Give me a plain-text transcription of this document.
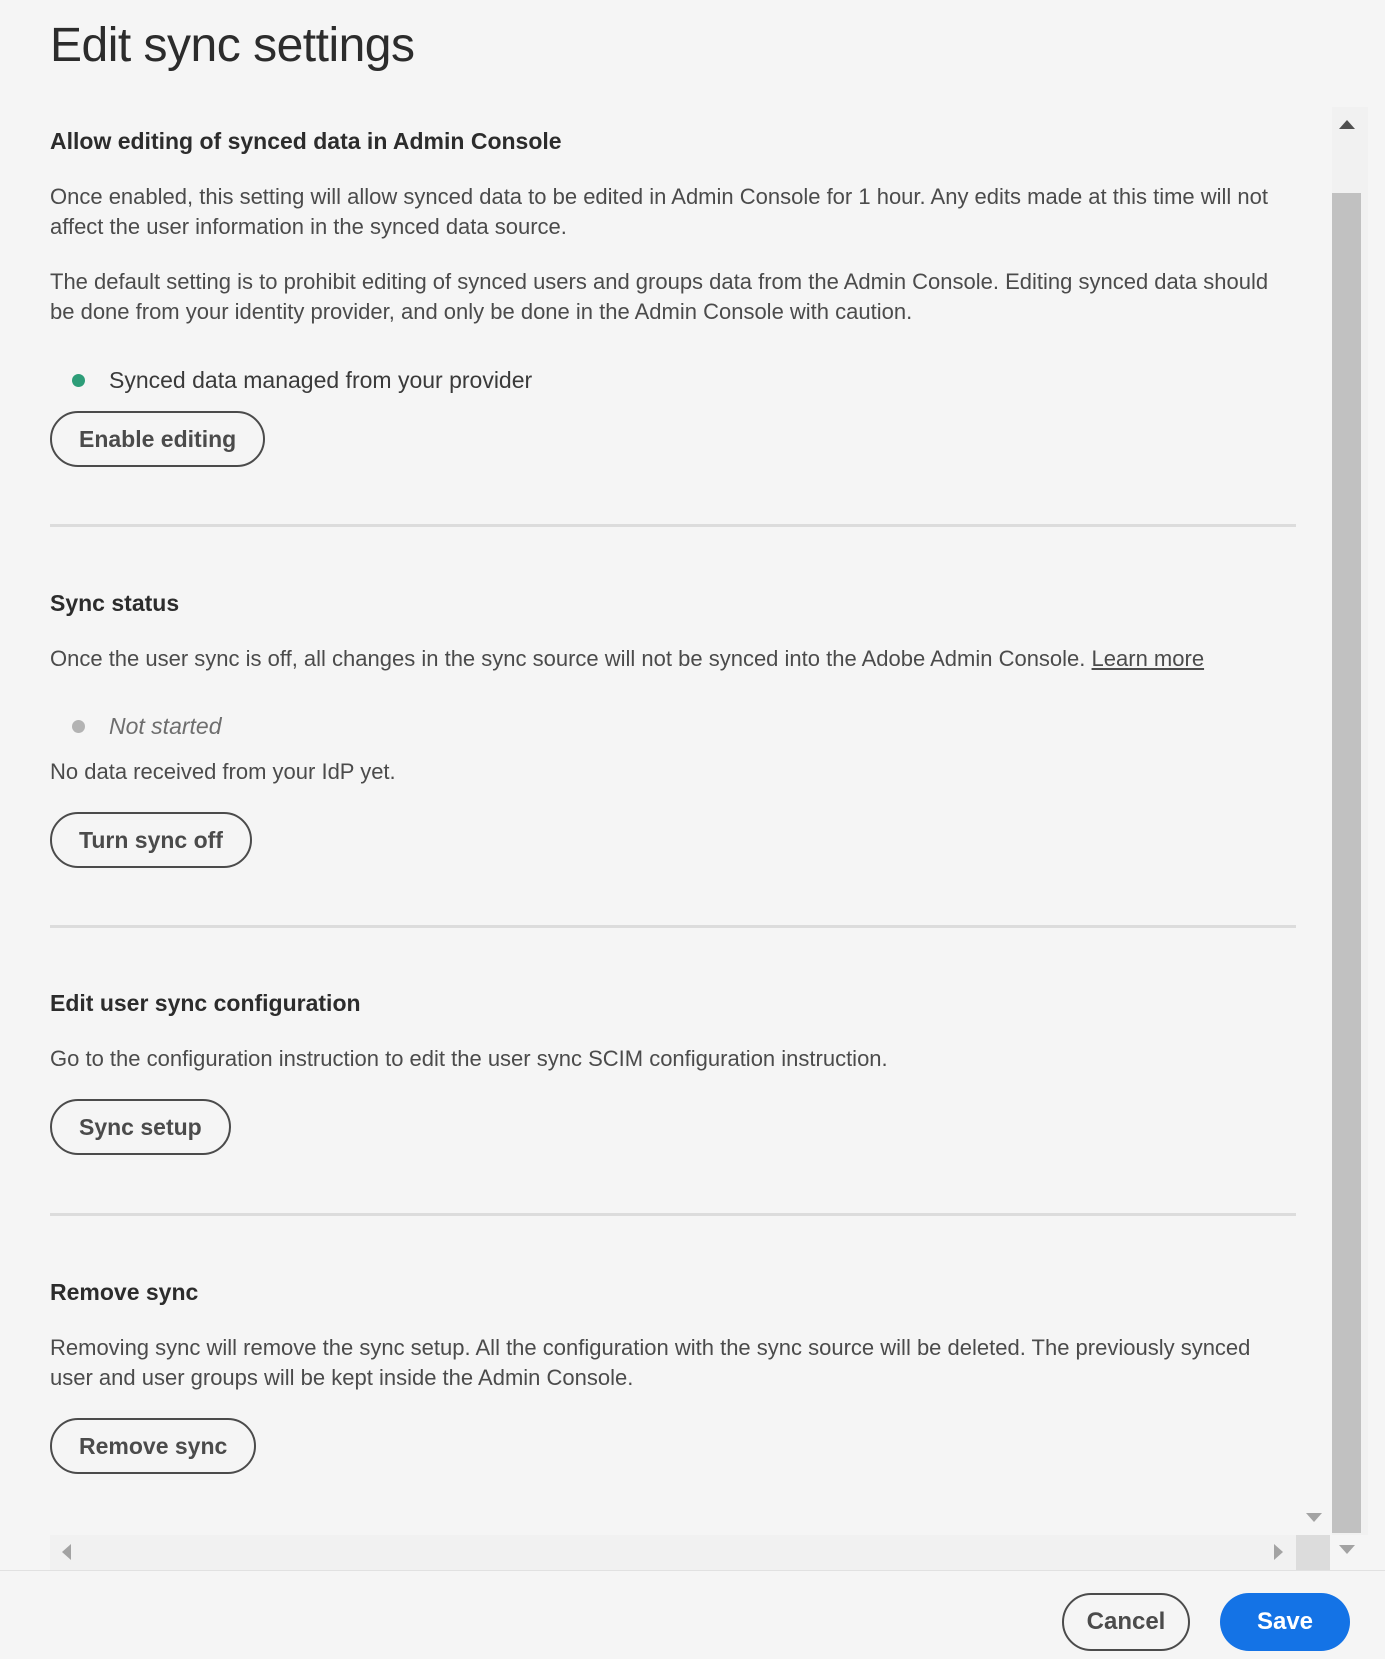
Edit sync settings
Allow editing of synced data in Admin Console

Once enabled, this setting will allow synced data to be edited in Admin Console for 1 hour. Any edits made at this time will not affect the user information in the synced data source.

The default setting is to prohibit editing of synced users and groups data from the Admin Console. Editing synced data should be done from your identity provider, and only be done in the Admin Console with caution.

Synced data managed from your provider
Enable editing
Sync status

Once the user sync is off, all changes in the sync source will not be synced into the Adobe Admin Console. Learn more

Not started

No data received from your IdP yet.

Turn sync off
Edit user sync configuration

Go to the configuration instruction to edit the user sync SCIM configuration instruction.

Sync setup
Remove sync

Removing sync will remove the sync setup. All the configuration with the sync source will be deleted. The previously synced user and user groups will be kept inside the Admin Console.

Remove sync
Cancel	Save
